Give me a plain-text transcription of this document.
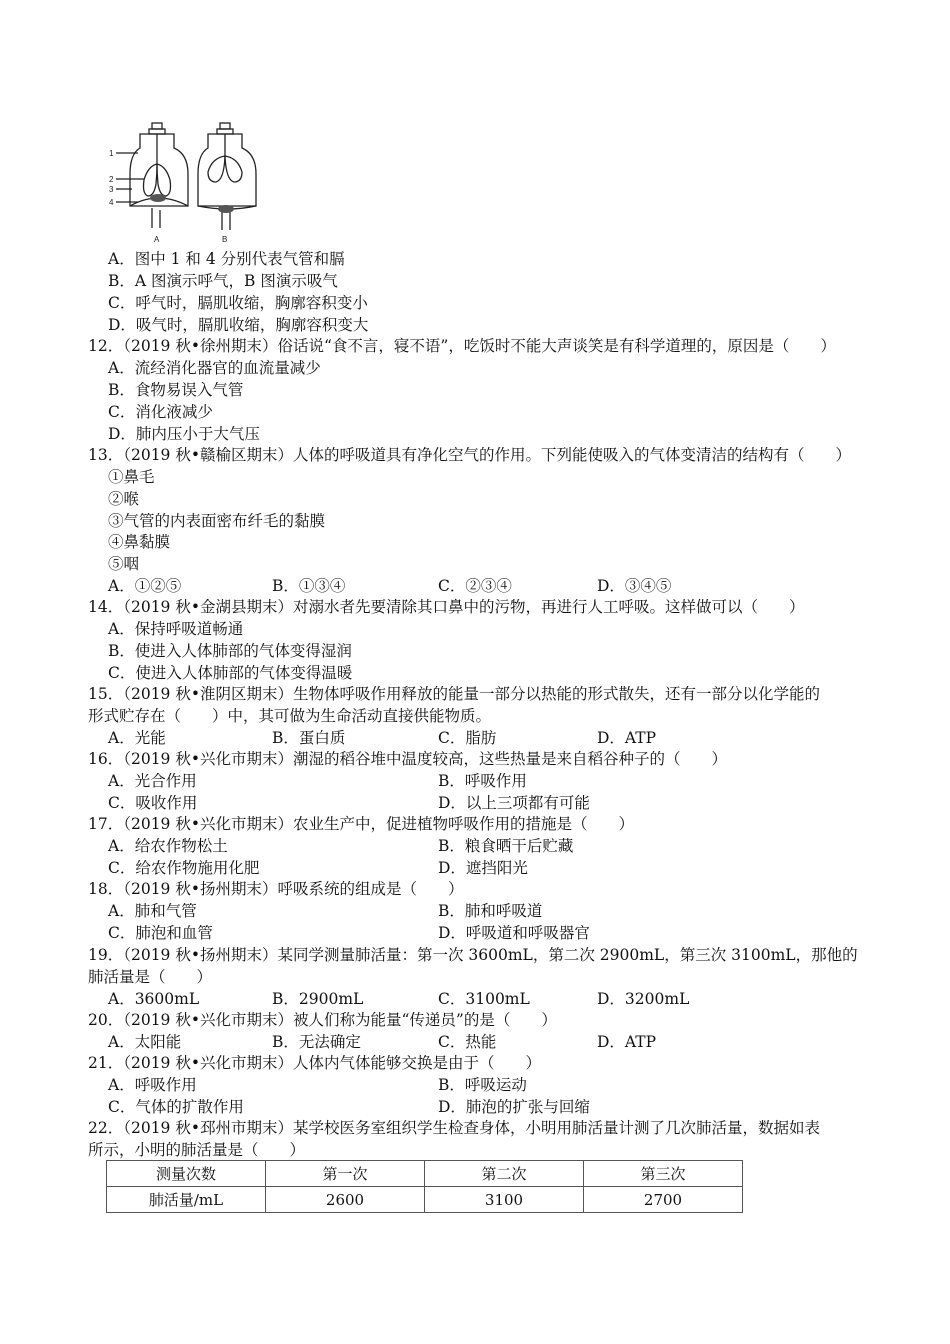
1
2
3
4
A	B
A．图中 1 和 4 分别代表气管和膈
B．A 图演示呼气，B 图演示吸气
C．呼气时，膈肌收缩，胸廓容积变小
D．吸气时，膈肌收缩，胸廓容积变大
12．（2019 秋•徐州期末）俗话说“食不言，寝不语”，吃饭时不能大声谈笑是有科学道理的，原因是（　　）
A．流经消化器官的血流量减少
B．食物易误入气管
C．消化液减少
D．肺内压小于大气压
13．（2019 秋•赣榆区期末）人体的呼吸道具有净化空气的作用。下列能使吸入的气体变清洁的结构有（　　）
①鼻毛
②喉
③气管的内表面密布纤毛的黏膜
④鼻黏膜
⑤咽
A．①②⑤	B．①③④	C．②③④	D．③④⑤
14．（2019 秋•金湖县期末）对溺水者先要清除其口鼻中的污物，再进行人工呼吸。这样做可以（　　）
A．保持呼吸道畅通
B．使进入人体肺部的气体变得湿润
C．使进入人体肺部的气体变得温暖
15．（2019 秋•淮阴区期末）生物体呼吸作用释放的能量一部分以热能的形式散失，还有一部分以化学能的
形式贮存在（　　）中，其可做为生命活动直接供能物质。
A．光能	B．蛋白质	C．脂肪	D．ATP
16．（2019 秋•兴化市期末）潮湿的稻谷堆中温度较高，这些热量是来自稻谷种子的（　　）
A．光合作用	B．呼吸作用
C．吸收作用	D．以上三项都有可能
17．（2019 秋•兴化市期末）农业生产中，促进植物呼吸作用的措施是（　　）
A．给农作物松土	B．粮食晒干后贮藏
C．给农作物施用化肥	D．遮挡阳光
18．（2019 秋•扬州期末）呼吸系统的组成是（　　）
A．肺和气管	B．肺和呼吸道
C．肺泡和血管	D．呼吸道和呼吸器官
19．（2019 秋•扬州期末）某同学测量肺活量：第一次 3600mL，第二次 2900mL，第三次 3100mL，那他的
肺活量是（　　）
A．3600mL	B．2900mL	C．3100mL	D．3200mL
20．（2019 秋•兴化市期末）被人们称为能量“传递员”的是（　　）
A．太阳能	B．无法确定	C．热能	D．ATP
21．（2019 秋•兴化市期末）人体内气体能够交换是由于（　　）
A．呼吸作用	B．呼吸运动
C．气体的扩散作用	D．肺泡的扩张与回缩
22．（2019 秋•邳州市期末）某学校医务室组织学生检查身体，小明用肺活量计测了几次肺活量，数据如表
所示，小明的肺活量是（　　）
测量次数	第一次	第二次	第三次
肺活量/mL	2600	3100	2700
